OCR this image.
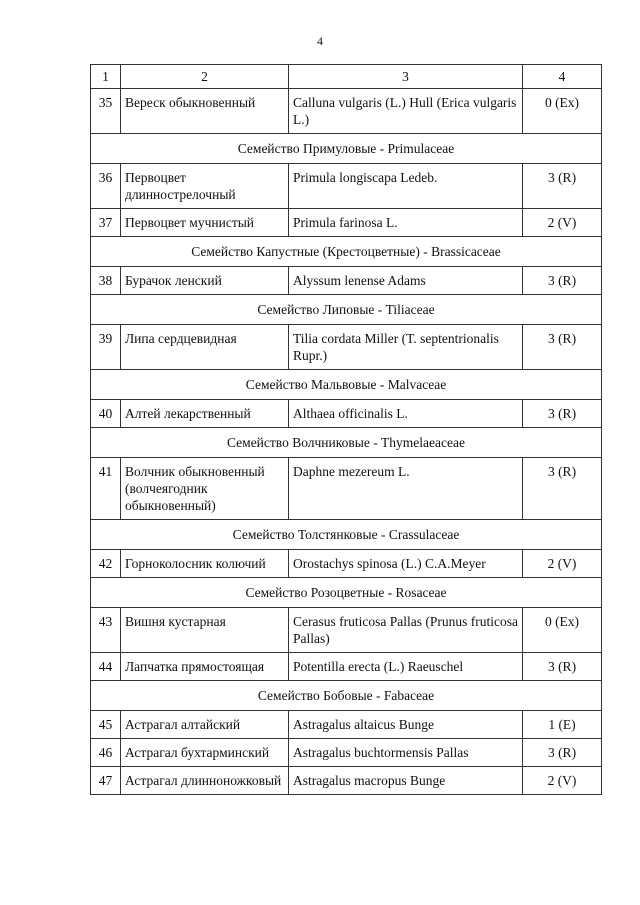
4
1	2	3	4
35	Вереск обыкновенный	Calluna vulgaris (L.) Hull (Erica vulgaris L.)	0 (Ex)
Семейство Примуловые - Primulaceae			
36	Первоцвет длиннострелочный	Primula longiscapa Ledeb.	3 (R)
37	Первоцвет мучнистый	Primula farinosa L.	2 (V)
Семейство Капустные (Крестоцветные) - Brassicaceae			
38	Бурачок ленский	Alyssum lenense Adams	3 (R)
Семейство Липовые - Tiliaceae			
39	Липа сердцевидная	Tilia cordata Miller (T. septentrionalis Rupr.)	3 (R)
Семейство Мальвовые - Malvaceae			
40	Алтей лекарственный	Althaea officinalis L.	3 (R)
Семейство Волчниковые - Thymelaeaceae			
41	Волчник обыкновенный (волчеягодник обыкновенный)	Daphne mezereum L.	3 (R)
Семейство Толстянковые - Crassulaceae			
42	Горноколосник колючий	Orostachys spinosa (L.) C.A.Meyer	2 (V)
Семейство Розоцветные - Rosaceae			
43	Вишня кустарная	Cerasus fruticosa Pallas (Prunus fruticosa Pallas)	0 (Ex)
44	Лапчатка прямостоящая	Potentilla erecta (L.) Raeuschel	3 (R)
Семейство Бобовые - Fabaceae			
45	Астрагал алтайский	Astragalus altaicus Bunge	1 (E)
46	Астрагал бухтарминский	Astragalus buchtormensis Pallas	3 (R)
47	Астрагал длинноножковый	Astragalus macropus Bunge	2 (V)
